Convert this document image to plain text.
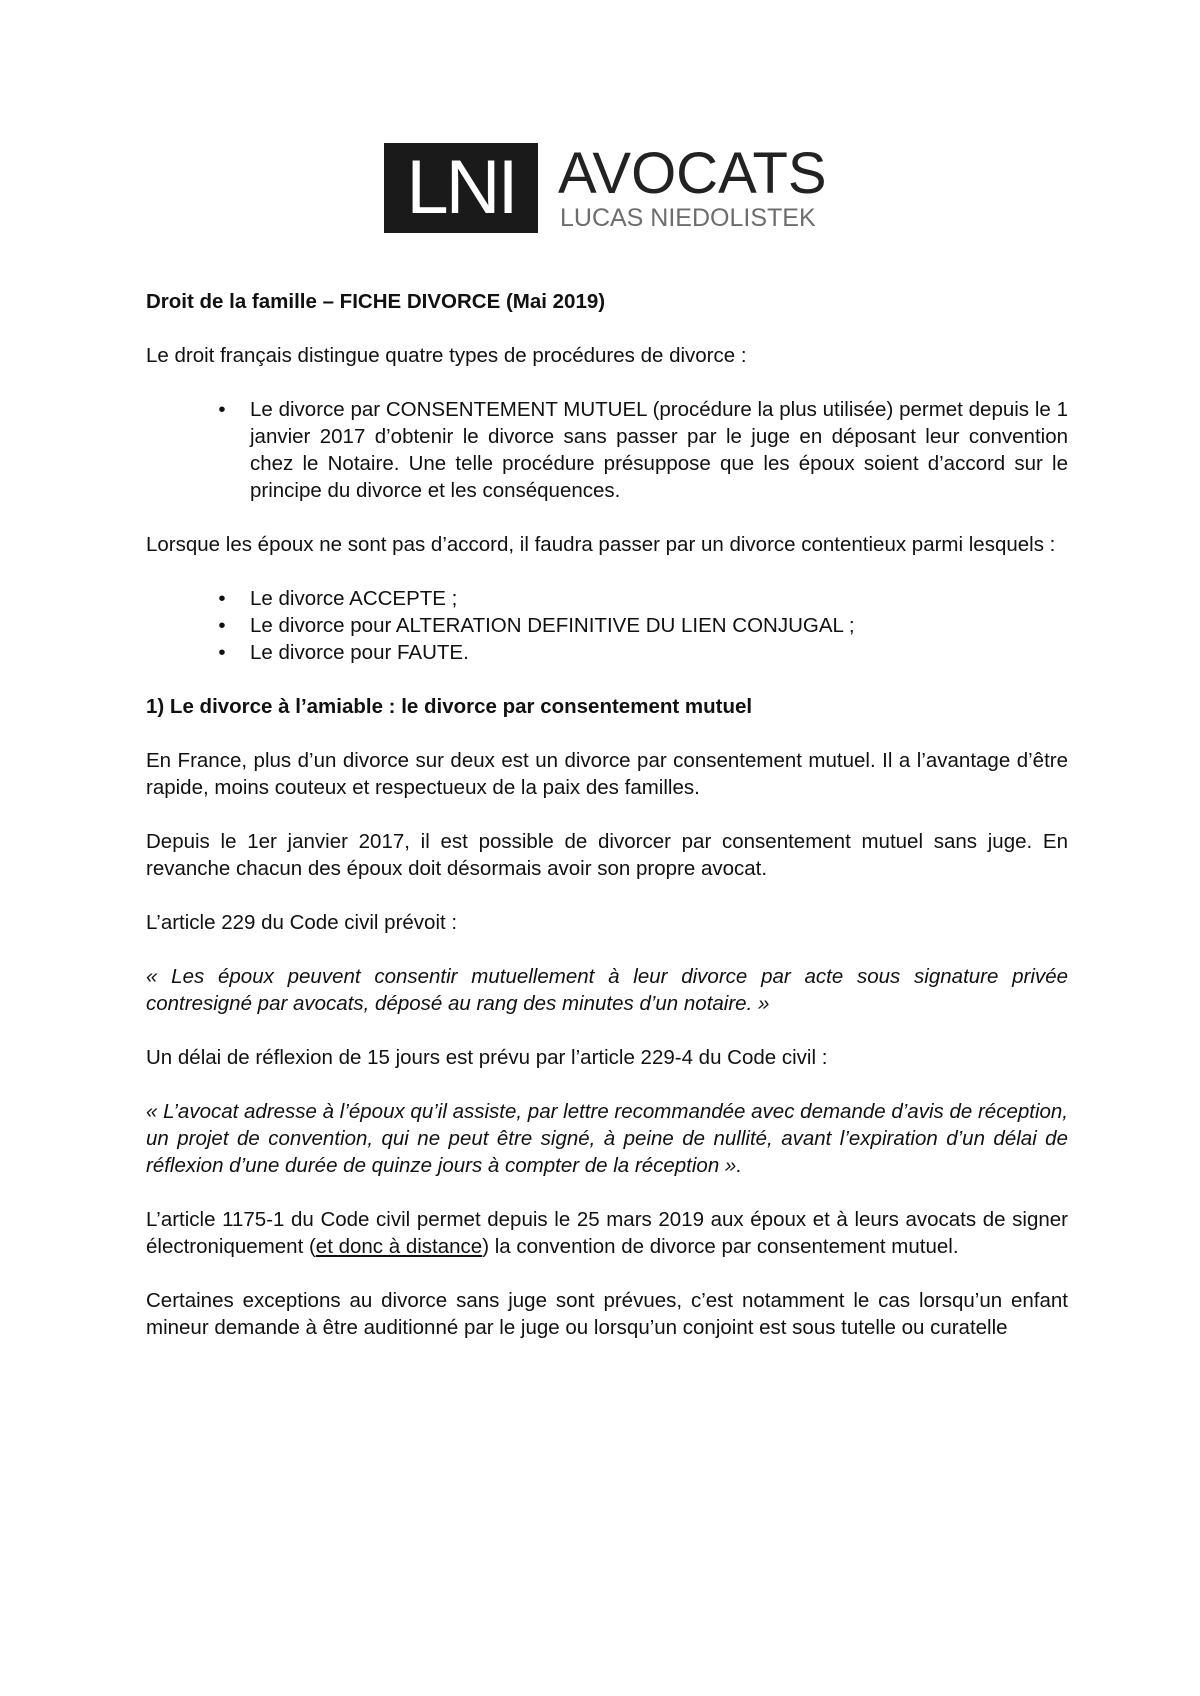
LNI AVOCATS
LUCAS NIEDOLISTEK

Droit de la famille – FICHE DIVORCE (Mai 2019)

Le droit français distingue quatre types de procédures de divorce :

• Le divorce par CONSENTEMENT MUTUEL (procédure la plus utilisée) permet depuis le 1 janvier 2017 d’obtenir le divorce sans passer par le juge en déposant leur convention chez le Notaire. Une telle procédure présuppose que les époux soient d’accord sur le principe du divorce et les conséquences.

Lorsque les époux ne sont pas d’accord, il faudra passer par un divorce contentieux parmi lesquels :

• Le divorce ACCEPTE ;
• Le divorce pour ALTERATION DEFINITIVE DU LIEN CONJUGAL ;
• Le divorce pour FAUTE.

1) Le divorce à l’amiable : le divorce par consentement mutuel

En France, plus d’un divorce sur deux est un divorce par consentement mutuel. Il a l’avantage d’être rapide, moins couteux et respectueux de la paix des familles.

Depuis le 1er janvier 2017, il est possible de divorcer par consentement mutuel sans juge. En revanche chacun des époux doit désormais avoir son propre avocat.

L’article 229 du Code civil prévoit :

« Les époux peuvent consentir mutuellement à leur divorce par acte sous signature privée contresigné par avocats, déposé au rang des minutes d’un notaire. »

Un délai de réflexion de 15 jours est prévu par l’article 229-4 du Code civil :

« L’avocat adresse à l’époux qu’il assiste, par lettre recommandée avec demande d’avis de réception, un projet de convention, qui ne peut être signé, à peine de nullité, avant l’expiration d’un délai de réflexion d’une durée de quinze jours à compter de la réception ».

L’article 1175-1 du Code civil permet depuis le 25 mars 2019 aux époux et à leurs avocats de signer électroniquement (et donc à distance) la convention de divorce par consentement mutuel.

Certaines exceptions au divorce sans juge sont prévues, c’est notamment le cas lorsqu’un enfant mineur demande à être auditionné par le juge ou lorsqu’un conjoint est sous tutelle ou curatelle
